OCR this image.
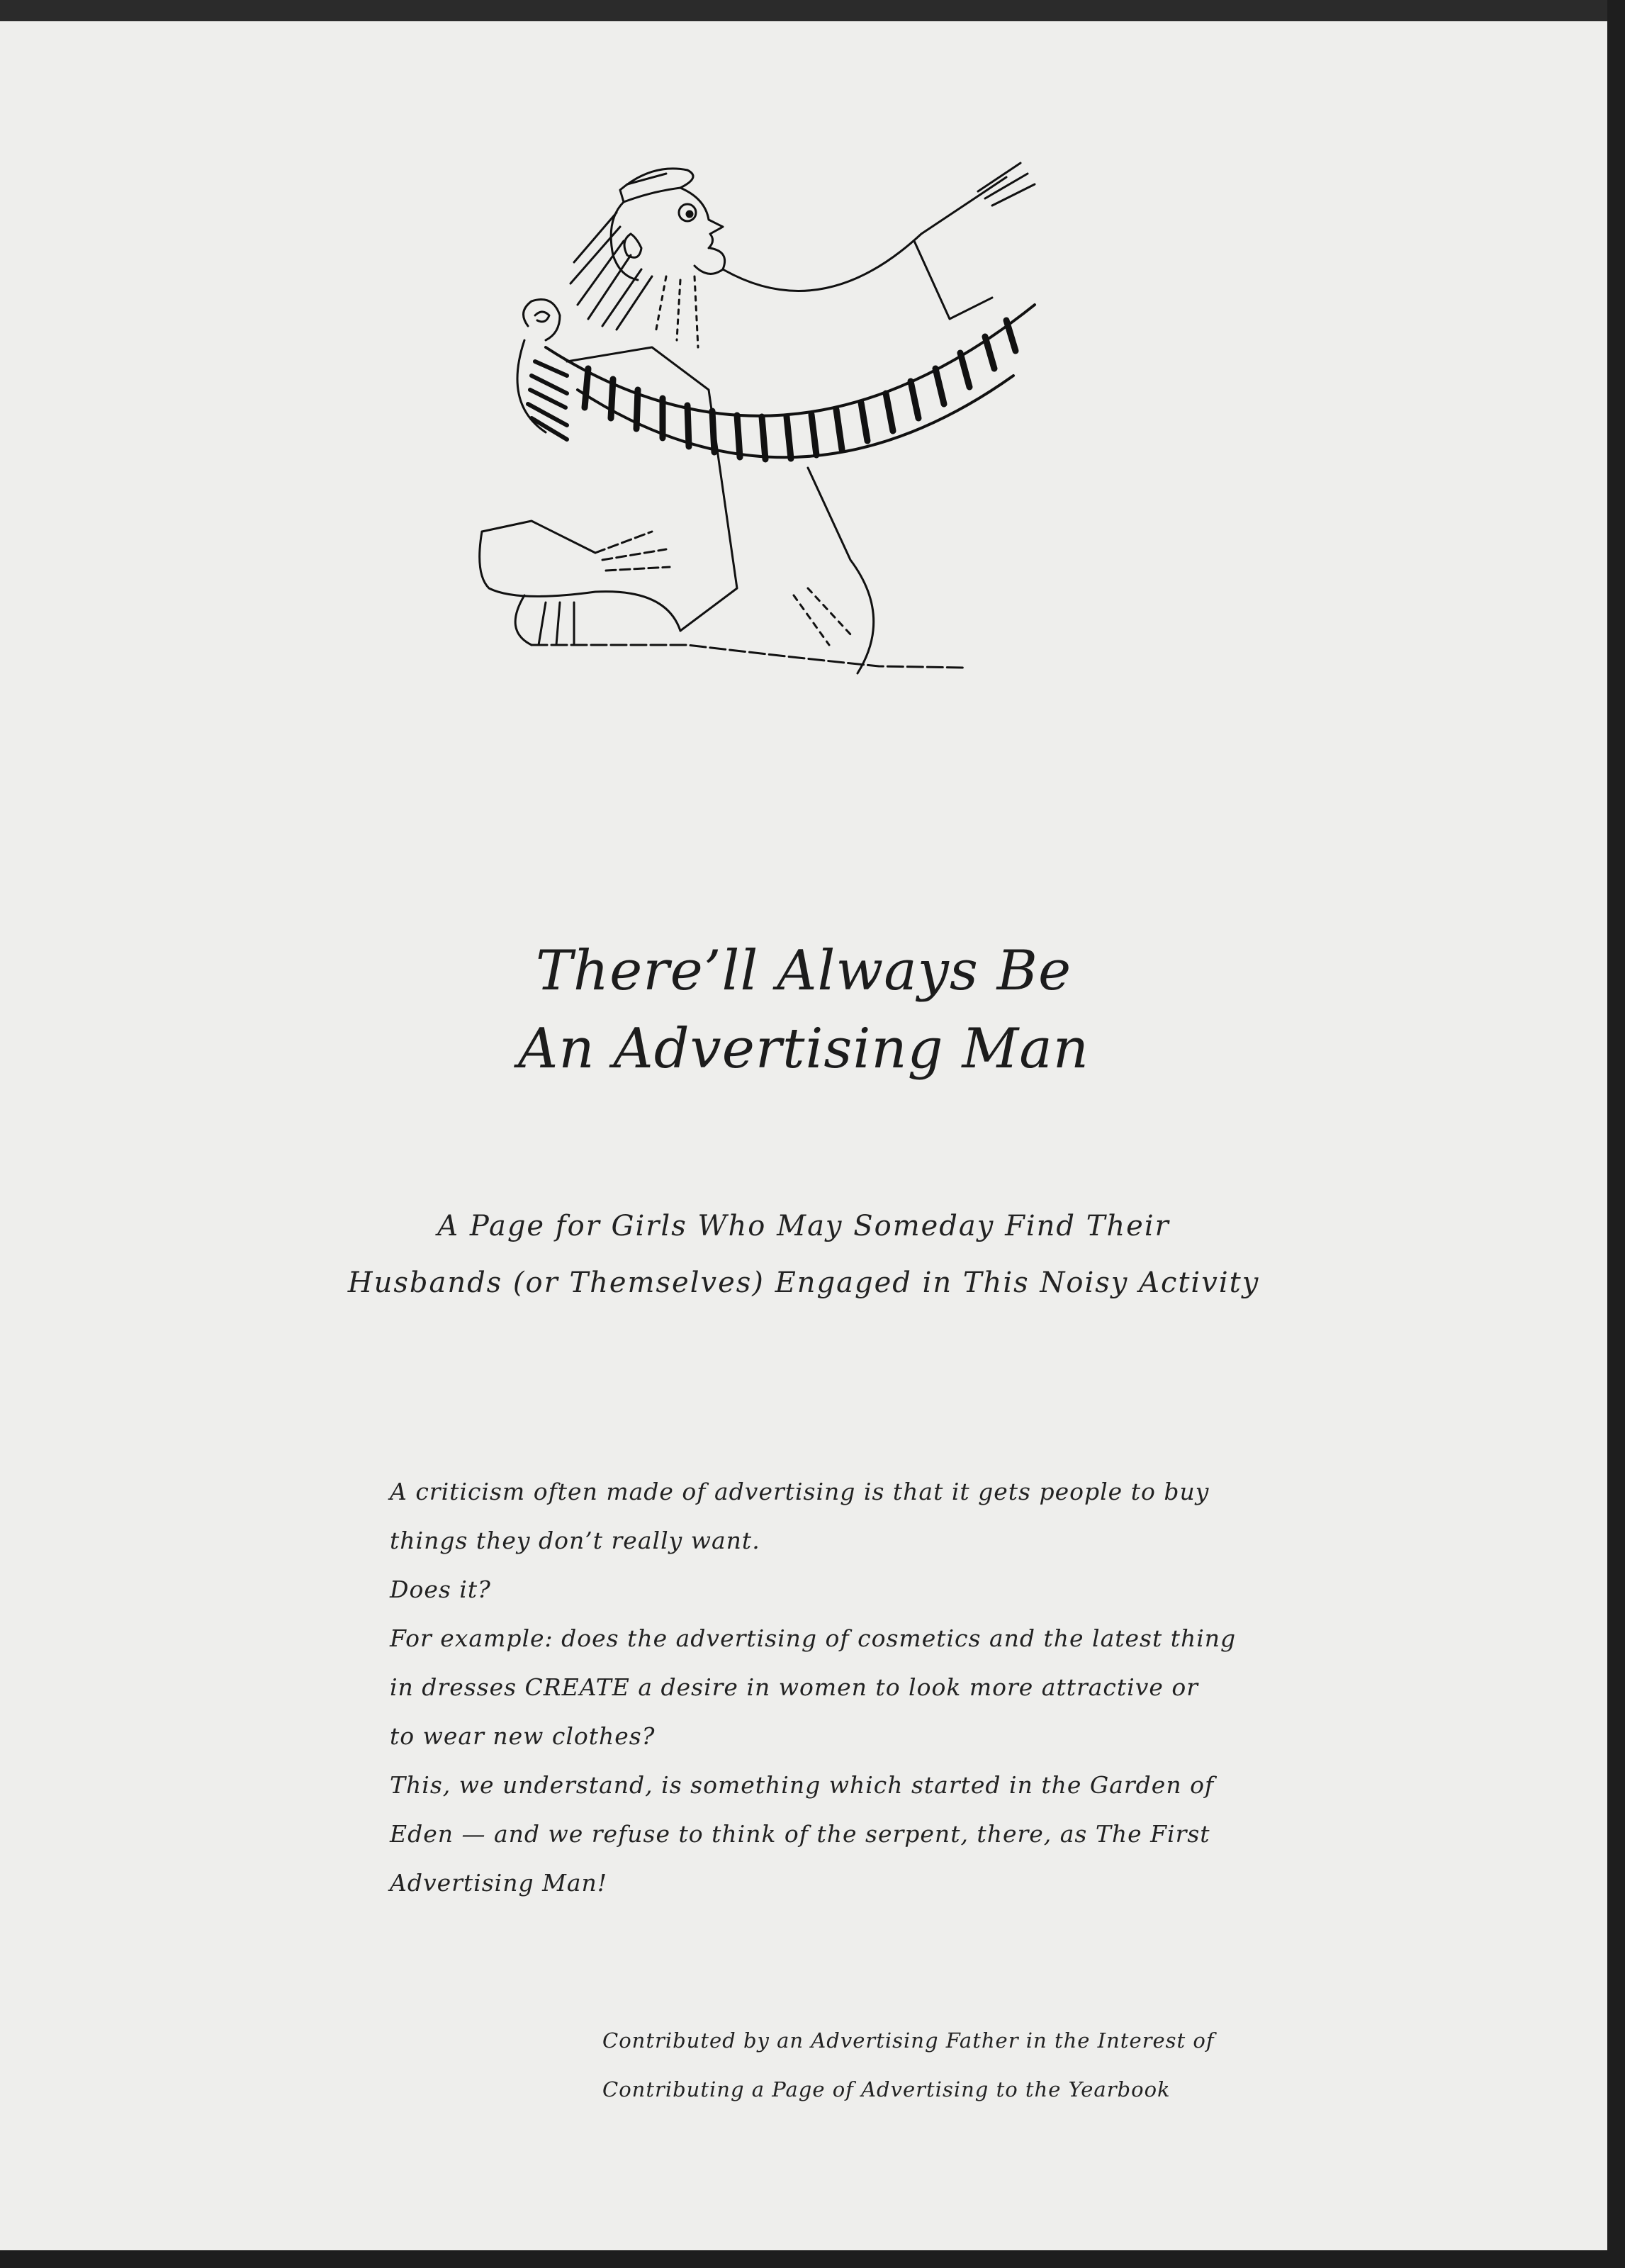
There’ll Always Be
An Advertising Man
A Page for Girls Who May Someday Find Their
Husbands (or Themselves) Engaged in This Noisy Activity

A criticism often made of advertising is that it gets people to buy

things they don’t really want.

Does it?

For example: does the advertising of cosmetics and the latest thing

in dresses CREATE a desire in women to look more attractive or

to wear new clothes?

This, we understand, is something which started in the Garden of

Eden — and we refuse to think of the serpent, there, as The First

Advertising Man!

Contributed by an Advertising Father in the Interest of

Contributing a Page of Advertising to the Yearbook
